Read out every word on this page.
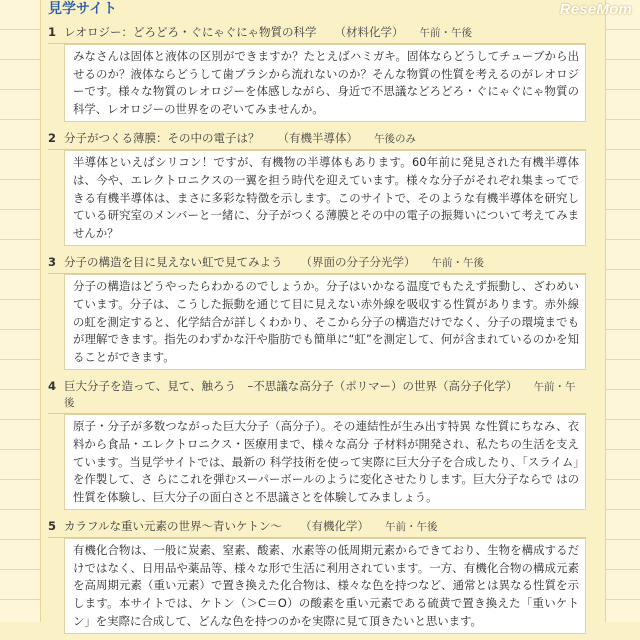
見学サイト	ReseMom
1 レオロジー：どろどろ・ぐにゃぐにゃ物質の科学 （材料化学） 午前・午後
みなさんは固体と液体の区別ができますか？たとえばハミガキ。固体ならどうしてチューブから出せるのか？液体ならどうして歯ブラシから流れないのか？そんな物質の性質を考えるのがレオロジーです。様々な物質のレオロジーを体感しながら、身近で不思議などろどろ・ぐにゃぐにゃ物質の科学、レオロジーの世界をのぞいてみませんか。
2 分子がつくる薄膜：その中の電子は？ （有機半導体） 午後のみ
半導体といえばシリコン！ですが、有機物の半導体もあります。60年前に発見された有機半導体は、今や、エレクトロニクスの一翼を担う時代を迎えています。様々な分子がそれぞれ集まってできる有機半導体は、まさに多彩な特徴を示します。このサイトで、そのような有機半導体を研究している研究室のメンバーと一緒に、分子がつくる薄膜とその中の電子の振舞いについて考えてみませんか？
3 分子の構造を目に見えない虹で見てみよう （界面の分子分光学） 午前・午後
分子の構造はどうやったらわかるのでしょうか。分子はいかなる温度でもたえず振動し、ざわめいています。分子は、こうした振動を通じて目に見えない赤外線を吸収する性質があります。赤外線の虹を測定すると、化学結合が詳しくわかり、そこから分子の構造だけでなく、分子の環境までもが理解できます。指先のわずかな汗や脂肪でも簡単に“虹”を測定して、何が含まれているのかを知ることができます。
4 巨大分子を造って、見て、触ろう　–不思議な高分子（ポリマー）の世界（高分子化学） 午前・午後
原子・分子が多数つながった巨大分子（高分子）。その連結性が生み出す特異 な性質にちなみ、衣料から食品・エレクトロニクス・医療用まで、様々な高分 子材料が開発され、私たちの生活を支えています。当見学サイトでは、最新の 科学技術を使って実際に巨大分子を合成したり、「スライム」を作製して、さ らにこれを弾むスーパーボールのように変化させたりします。巨大分子ならで はの性質を体験し、巨大分子の面白さと不思議さとを体験してみましょう。
5 カラフルな重い元素の世界〜青いケトン〜 （有機化学） 午前・午後
有機化合物は、一般に炭素、窒素、酸素、水素等の低周期元素からできており、生物を構成するだけではなく、日用品や薬品等、様々な形で生活に利用されています。一方、有機化合物の構成元素を高周期元素（重い元素）で置き換えた化合物は、様々な色を持つなど、通常とは異なる性質を示します。本サイトでは、ケトン（＞C＝O）の酸素を重い元素である硫黄で置き換えた「重いケトン」を実際に合成して、どんな色を持つのかを実際に見て頂きたいと思います。
